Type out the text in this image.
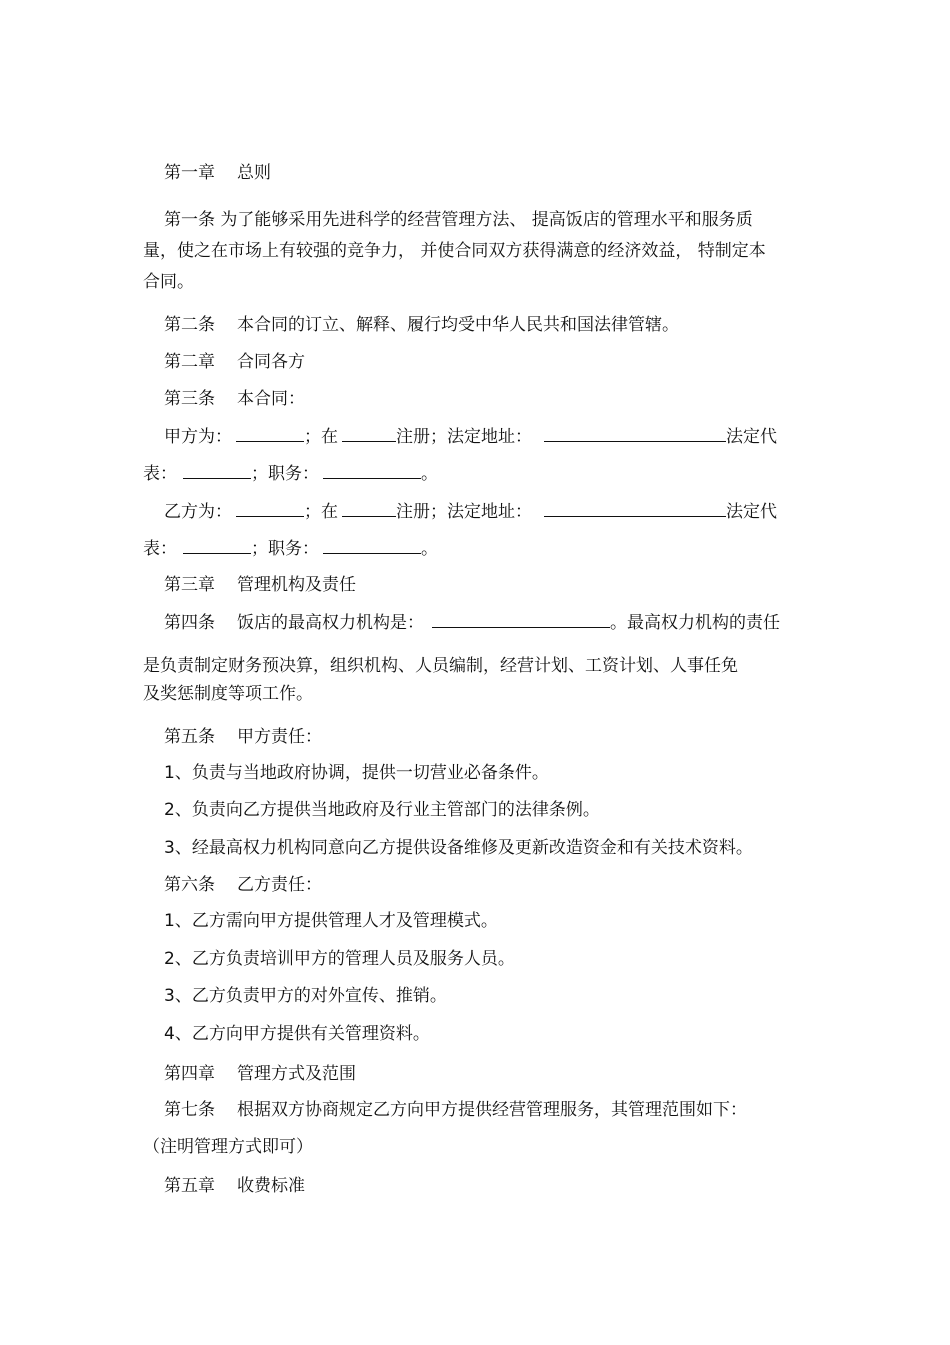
第一章 总则
第一条 为了能够采用先进科学的经营管理方法、 提高饭店的管理水平和服务质
量，使之在市场上有较强的竞争力， 并使合同双方获得满意的经济效益， 特制定本
合同。
第二条 本合同的订立、解释、履行均受中华人民共和国法律管辖。
第二章 合同各方
第三条 本合同：
甲方为：	；在	注册；法定地址：	法定代
表：	；职务：	。
乙方为：	；在	注册；法定地址：	法定代
表：	；职务：	。
第三章 管理机构及责任
第四条 饭店的最高权力机构是：	。最高权力机构的责任
是负责制定财务预决算，组织机构、人员编制，经营计划、工资计划、人事任免
及奖惩制度等项工作。
第五条 甲方责任：
1、负责与当地政府协调，提供一切营业必备条件。
2、负责向乙方提供当地政府及行业主管部门的法律条例。
3、经最高权力机构同意向乙方提供设备维修及更新改造资金和有关技术资料。
第六条 乙方责任：
1、乙方需向甲方提供管理人才及管理模式。
2、乙方负责培训甲方的管理人员及服务人员。
3、乙方负责甲方的对外宣传、推销。
4、乙方向甲方提供有关管理资料。
第四章 管理方式及范围
第七条 根据双方协商规定乙方向甲方提供经营管理服务，其管理范围如下：
（注明管理方式即可）
第五章 收费标准
